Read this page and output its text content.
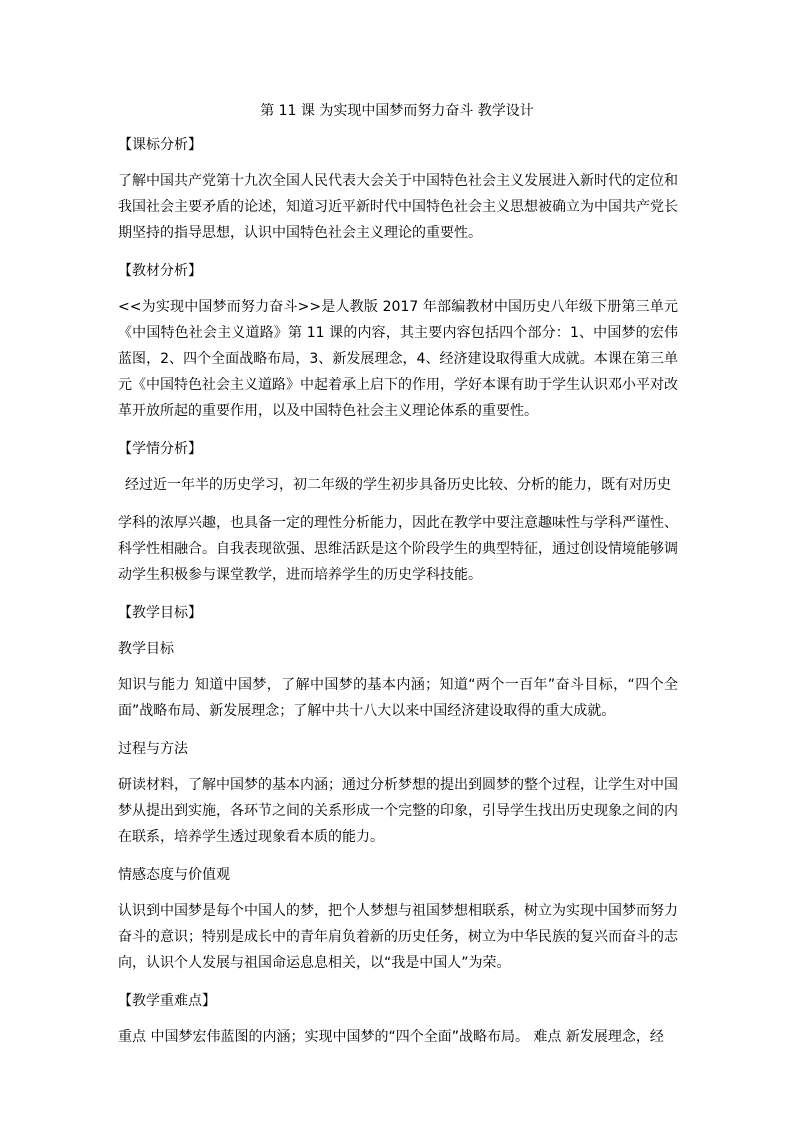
第 11 课 为实现中国梦而努力奋斗 教学设计
【课标分析】

了解中国共产党第十九次全国人民代表大会关于中国特色社会主义发展进入新时代的定位和我国社会主要矛盾的论述，知道习近平新时代中国特色社会主义思想被确立为中国共产党长期坚持的指导思想，认识中国特色社会主义理论的重要性。

【教材分析】

<<为实现中国梦而努力奋斗>>是人教版 2017 年部编教材中国历史八年级下册第三单元《中国特色社会主义道路》第 11 课的内容，其主要内容包括四个部分：1、中国梦的宏伟蓝图，2、四个全面战略布局，3、新发展理念，4、经济建设取得重大成就。本课在第三单元《中国特色社会主义道路》中起着承上启下的作用，学好本课有助于学生认识邓小平对改革开放所起的重要作用，以及中国特色社会主义理论体系的重要性。

【学情分析】

经过近一年半的历史学习，初二年级的学生初步具备历史比较、分析的能力，既有对历史

学科的浓厚兴趣，也具备一定的理性分析能力，因此在教学中要注意趣味性与学科严谨性、科学性相融合。自我表现欲强、思维活跃是这个阶段学生的典型特征，通过创设情境能够调动学生积极参与课堂教学，进而培养学生的历史学科技能。

【教学目标】
教学目标

知识与能力 知道中国梦，了解中国梦的基本内涵；知道“两个一百年”奋斗目标，“四个全面”战略布局、新发展理念；了解中共十八大以来中国经济建设取得的重大成就。

过程与方法

研读材料，了解中国梦的基本内涵；通过分析梦想的提出到圆梦的整个过程，让学生对中国梦从提出到实施，各环节之间的关系形成一个完整的印象，引导学生找出历史现象之间的内在联系，培养学生透过现象看本质的能力。

情感态度与价值观

认识到中国梦是每个中国人的梦，把个人梦想与祖国梦想相联系，树立为实现中国梦而努力奋斗的意识；特别是成长中的青年肩负着新的历史任务，树立为中华民族的复兴而奋斗的志向，认识个人发展与祖国命运息息相关，以“我是中国人”为荣。

【教学重难点】

重点 中国梦宏伟蓝图的内涵；实现中国梦的“四个全面”战略布局。 难点 新发展理念，经
